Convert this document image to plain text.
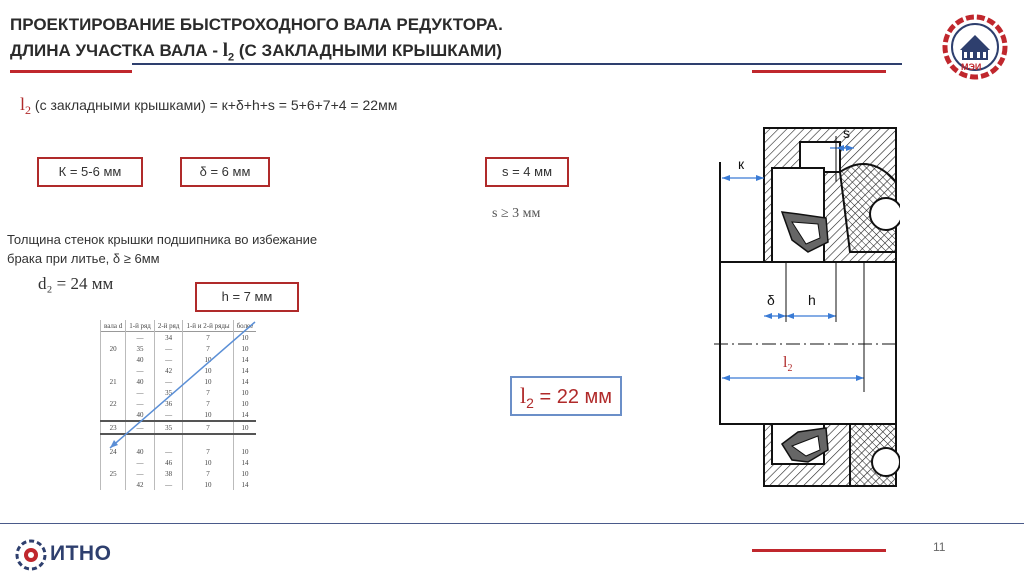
ПРОЕКТИРОВАНИЕ БЫСТРОХОДНОГО ВАЛА РЕДУКТОРА.
ДЛИНА УЧАСТКА ВАЛА - $l_2$ (С ЗАКЛАДНЫМИ КРЫШКАМИ)
МЭИ
$l_2$ (с закладными крышками) = к+δ+h+s = 5+6+7+4 = 22мм
К = 5-6 мм	δ = 6 мм	s = 4 мм
s ≥ 3 мм
Толщина стенок крышки подшипника во избежание
брака при литье, δ ≥ 6мм
d₂ = 24 мм
h = 7 мм
вала d	1-й ряд	2-й ряд	1-й и 2-й ряды	более
	—	34	7	10
20	35	—	7	10
	40	—	10	14
	—	42	10	14
21	40	—	10	14
	—	35	7	10
22	—	36	7	10
	40	—	10	14
23	—	35	7	10

24	40	—	7	10
	—	46	10	14
25	—	38	7	10
	42	—	10	14
$l_2 = 22$ мм
s
к
δ h
$l_2$
ИТНО	11
